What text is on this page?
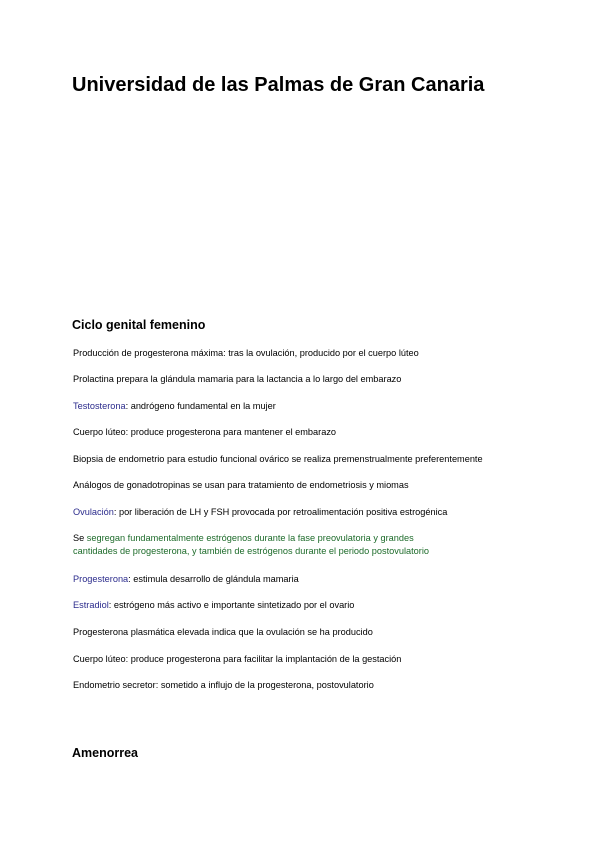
Universidad de las Palmas de Gran Canaria
Ciclo genital femenino

Producción de progesterona máxima: tras la ovulación, producido por el cuerpo lúteo

Prolactina prepara la glándula mamaria para la lactancia a lo largo del embarazo

Testosterona: andrógeno fundamental en la mujer

Cuerpo lúteo: produce progesterona para mantener el embarazo

Biopsia de endometrio para estudio funcional ovárico se realiza premenstrualmente preferentemente

Análogos de gonadotropinas se usan para tratamiento de endometriosis y miomas

Ovulación: por liberación de LH y FSH provocada por retroalimentación positiva estrogénica

Se segregan fundamentalmente estrógenos durante la fase preovulatoria y grandes
cantidades de progesterona, y también de estrógenos durante el periodo postovulatorio

Progesterona: estimula desarrollo de glándula mamaria

Estradiol: estrógeno más activo e importante sintetizado por el ovario

Progesterona plasmática elevada indica que la ovulación se ha producido

Cuerpo lúteo: produce progesterona para facilitar la implantación de la gestación

Endometrio secretor: sometido a influjo de la progesterona, postovulatorio

Amenorrea
